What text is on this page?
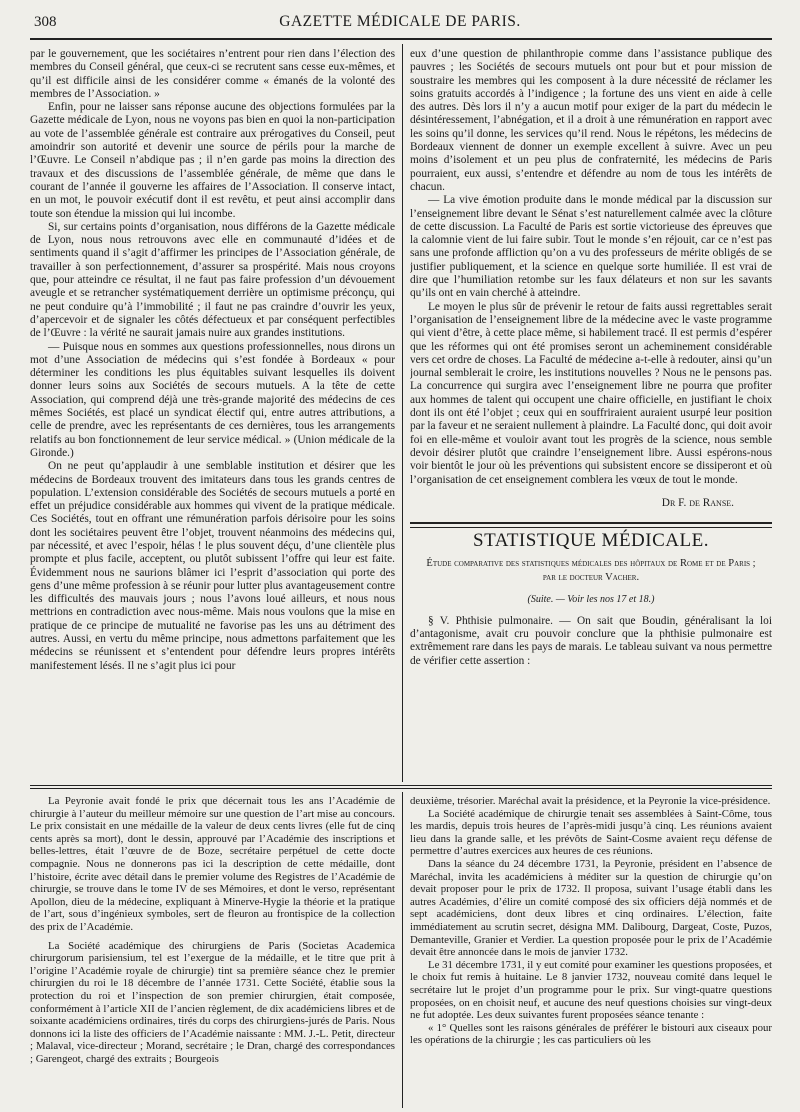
308	GAZETTE MÉDICALE DE PARIS.

par le gouvernement, que les sociétaires n’entrent pour rien dans l’élection des membres du Conseil général, que ceux-ci se recrutent sans cesse eux-mêmes, et qu’il est difficile ainsi de les considérer comme « émanés de la volonté des membres de l’Association. »

Enfin, pour ne laisser sans réponse aucune des objections formulées par la Gazette médicale de Lyon, nous ne voyons pas bien en quoi la non-participation au vote de l’assemblée générale est contraire aux prérogatives du Conseil, peut amoindrir son autorité et devenir une source de périls pour la marche de l’Œuvre. Le Conseil n’abdique pas ; il n’en garde pas moins la direction des travaux et des discussions de l’assemblée générale, de même que dans le courant de l’année il gouverne les affaires de l’Association. Il conserve intact, en un mot, le pouvoir exécutif dont il est revêtu, et peut ainsi accomplir dans toute son étendue la mission qui lui incombe.

Si, sur certains points d’organisation, nous différons de la Gazette médicale de Lyon, nous nous retrouvons avec elle en communauté d’idées et de sentiments quand il s’agit d’affirmer les principes de l’Association générale, de travailler à son perfectionnement, d’assurer sa prospérité. Mais nous croyons que, pour atteindre ce résultat, il ne faut pas faire profession d’un dévouement aveugle et se retrancher systématiquement derrière un optimisme préconçu, qui ne peut conduire qu’à l’immobilité ; il faut ne pas craindre d’ouvrir les yeux, d’apercevoir et de signaler les côtés défectueux et par conséquent perfectibles de l’Œuvre : la vérité ne saurait jamais nuire aux grandes institutions.

— Puisque nous en sommes aux questions professionnelles, nous dirons un mot d’une Association de médecins qui s’est fondée à Bordeaux « pour déterminer les conditions les plus équitables suivant lesquelles ils doivent donner leurs soins aux Sociétés de secours mutuels. A la tête de cette Association, qui comprend déjà une très-grande majorité des médecins de ces mêmes Sociétés, est placé un syndicat électif qui, entre autres attributions, a celle de prendre, avec les représentants de ces dernières, tous les arrangements relatifs au bon fonctionnement de leur service médical. » (Union médicale de la Gironde.)

On ne peut qu’applaudir à une semblable institution et désirer que les médecins de Bordeaux trouvent des imitateurs dans tous les grands centres de population. L’extension considérable des Sociétés de secours mutuels a porté en effet un préjudice considérable aux hommes qui vivent de la pratique médicale. Ces Sociétés, tout en offrant une rémunération parfois dérisoire pour les soins dont les sociétaires peuvent être l’objet, trouvent néanmoins des médecins qui, par nécessité, et avec l’espoir, hélas ! le plus souvent déçu, d’une clientèle plus prompte et plus facile, acceptent, ou plutôt subissent l’offre qui leur est faite. Évidemment nous ne saurions blâmer ici l’esprit d’association qui porte des gens d’une même profession à se réunir pour lutter plus avantageusement contre les difficultés des mauvais jours ; nous l’avons loué ailleurs, et nous nous mettrions en contradiction avec nous-même. Mais nous voulons que la mise en pratique de ce principe de mutualité ne favorise pas les uns au détriment des autres. Aussi, en vertu du même principe, nous admettons parfaitement que les médecins se réunissent et s’entendent pour défendre leurs propres intérêts manifestement lésés. Il ne s’agit plus ici pour

eux d’une question de philanthropie comme dans l’assistance publique des pauvres ; les Sociétés de secours mutuels ont pour but et pour mission de soustraire les membres qui les composent à la dure nécessité de réclamer les soins gratuits accordés à l’indigence ; la fortune des uns vient en aide à celle des autres. Dès lors il n’y a aucun motif pour exiger de la part du médecin le désintéressement, l’abnégation, et il a droit à une rémunération en rapport avec les soins qu’il donne, les services qu’il rend. Nous le répétons, les médecins de Bordeaux viennent de donner un exemple excellent à suivre. Avec un peu moins d’isolement et un peu plus de confraternité, les médecins de Paris pourraient, eux aussi, s’entendre et défendre au nom de tous les intérêts de chacun.

— La vive émotion produite dans le monde médical par la discussion sur l’enseignement libre devant le Sénat s’est naturellement calmée avec la clôture de cette discussion. La Faculté de Paris est sortie victorieuse des épreuves que la calomnie vient de lui faire subir. Tout le monde s’en réjouit, car ce n’est pas sans une profonde affliction qu’on a vu des professeurs de mérite obligés de se justifier publiquement, et la science en quelque sorte humiliée. Il est vrai de dire que l’humiliation retombe sur les faux délateurs et non sur les savants qu’ils ont en vain cherché à atteindre.

Le moyen le plus sûr de prévenir le retour de faits aussi regrettables serait l’organisation de l’enseignement libre de la médecine avec le vaste programme qui vient d’être, à cette place même, si habilement tracé. Il est permis d’espérer que les réformes qui ont été promises seront un acheminement considérable vers cet ordre de choses. La Faculté de médecine a-t-elle à redouter, ainsi qu’un journal semblerait le croire, les institutions nouvelles ? Nous ne le pensons pas. La concurrence qui surgira avec l’enseignement libre ne pourra que profiter aux hommes de talent qui occupent une chaire officielle, en justifiant le choix dont ils ont été l’objet ; ceux qui en souffriraient auraient usurpé leur position par la faveur et ne seraient nullement à plaindre. La Faculté donc, qui doit avoir foi en elle-même et vouloir avant tout les progrès de la science, nous semble devoir désirer plutôt que craindre l’enseignement libre. Aussi espérons-nous voir bientôt le jour où les préventions qui subsistent encore se dissiperont et où l’organisation de cet enseignement comblera les vœux de tout le monde.

Dr F. de Ranse.

STATISTIQUE MÉDICALE.
Étude comparative des statistiques médicales des hôpitaux de Rome et de Paris ; par le docteur Vacher.
(Suite. — Voir les nos 17 et 18.)

§ V. Phthisie pulmonaire. — On sait que Boudin, généralisant la loi d’antagonisme, avait cru pouvoir conclure que la phthisie pulmonaire est extrêmement rare dans les pays de marais. Le tableau suivant va nous permettre de vérifier cette assertion :

La Peyronie avait fondé le prix que décernait tous les ans l’Académie de chirurgie à l’auteur du meilleur mémoire sur une question de l’art mise au concours. Le prix consistait en une médaille de la valeur de deux cents livres (elle fut de cinq cents après sa mort), dont le dessin, approuvé par l’Académie des inscriptions et belles-lettres, était l’œuvre de de Boze, secrétaire perpétuel de cette docte compagnie. Nous ne donnerons pas ici la description de cette médaille, dont l’histoire, écrite avec détail dans le premier volume des Registres de l’Académie de chirurgie, se trouve dans le tome IV de ses Mémoires, et dont le verso, représentant Apollon, dieu de la médecine, expliquant à Minerve-Hygie la théorie et la pratique de l’art, sous d’ingénieux symboles, sert de fleuron au frontispice de la collection des prix de l’Académie.

La Société académique des chirurgiens de Paris (Societas Academica chirurgorum parisiensium, tel est l’exergue de la médaille, et le titre que prit à l’origine l’Académie royale de chirurgie) tint sa première séance chez le premier chirurgien du roi le 18 décembre de l’année 1731. Cette Société, établie sous la protection du roi et l’inspection de son premier chirurgien, était composée, conformément à l’article XII de l’ancien règlement, de dix académiciens libres et de soixante académiciens ordinaires, tirés du corps des chirurgiens-jurés de Paris. Nous donnons ici la liste des officiers de l’Académie naissante : MM. J.-L. Petit, directeur ; Malaval, vice-directeur ; Morand, secrétaire ; le Dran, chargé des correspondances ; Garengeot, chargé des extraits ; Bourgeois

deuxième, trésorier. Maréchal avait la présidence, et la Peyronie la vice-présidence.

La Société académique de chirurgie tenait ses assemblées à Saint-Côme, tous les mardis, depuis trois heures de l’après-midi jusqu’à cinq. Les réunions avaient lieu dans la grande salle, et les prévôts de Saint-Cosme avaient reçu défense de permettre d’autres exercices aux heures de ces réunions.

Dans la séance du 24 décembre 1731, la Peyronie, président en l’absence de Maréchal, invita les académiciens à méditer sur la question de chirurgie qu’on devait proposer pour le prix de 1732. Il proposa, suivant l’usage établi dans les autres Académies, d’élire un comité composé des six officiers déjà nommés et de sept académiciens, dont deux libres et cinq ordinaires. L’élection, faite immédiatement au scrutin secret, désigna MM. Dalibourg, Dargeat, Coste, Puzos, Demanteville, Granier et Verdier. La question proposée pour le prix de l’Académie devait être annoncée dans le mois de janvier 1732.

Le 31 décembre 1731, il y eut comité pour examiner les questions proposées, et le choix fut remis à huitaine. Le 8 janvier 1732, nouveau comité dans lequel le secrétaire lut le projet d’un programme pour le prix. Sur vingt-quatre questions proposées, on en choisit neuf, et aucune des neuf questions choisies sur vingt-deux ne fut adoptée. Les deux suivantes furent proposées séance tenante :

« 1° Quelles sont les raisons générales de préférer le bistouri aux ciseaux pour les opérations de la chirurgie ; les cas particuliers où les
